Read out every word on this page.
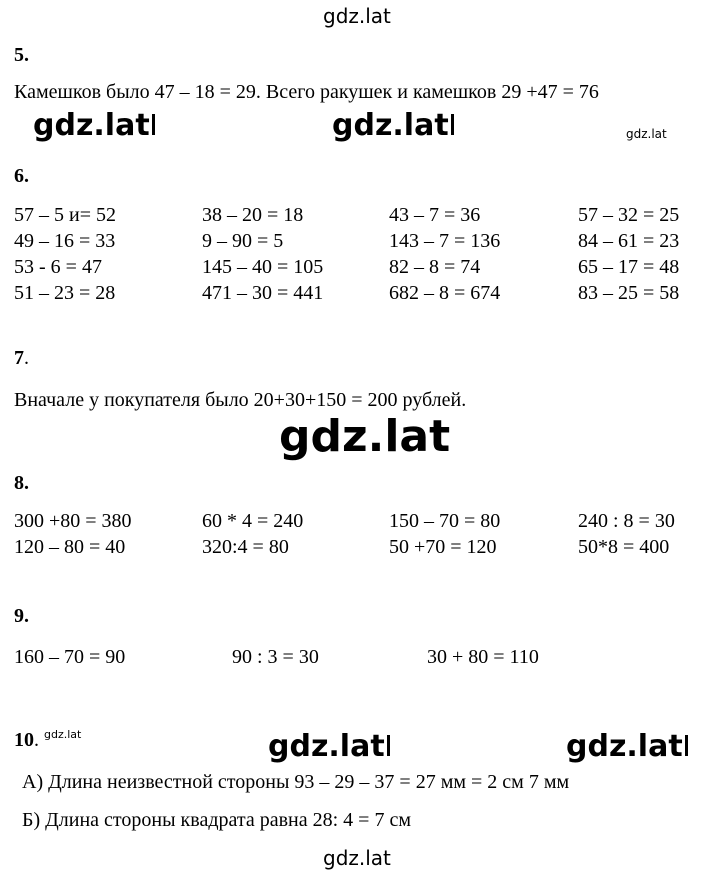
gdz.lat
gdz.lat	gdz.lat	gdz.lat
5.
Камешков было 47 – 18 = 29. Всего ракушек и камешков 29 +47 = 76
6.
57 – 5 и= 52	38 – 20 = 18	43 – 7 = 36	57 – 32 = 25
49 – 16 = 33	9 – 90 = 5	143 – 7 = 136	84 – 61 = 23
53 - 6 = 47	145 – 40 = 105	82 – 8 = 74	65 – 17 = 48
51 – 23 = 28	471 – 30 = 441	682 – 8 = 674	83 – 25 = 58
7.
Вначале у покупателя было 20+30+150 = 200 рублей.
gdz.lat
8.
300 +80 = 380	60 * 4 = 240	150 – 70 = 80	240 : 8 = 30
120 – 80 = 40	320:4 = 80	50 +70 = 120	50*8 = 400
9.
160 – 70 = 90	90 : 3 = 30	30 + 80 = 110
10. gdz.lat	gdz.lat	gdz.lat
А) Длина неизвестной стороны 93 – 29 – 37 = 27 мм = 2 см 7 мм
Б) Длина стороны квадрата равна 28: 4 = 7 см
gdz.lat
